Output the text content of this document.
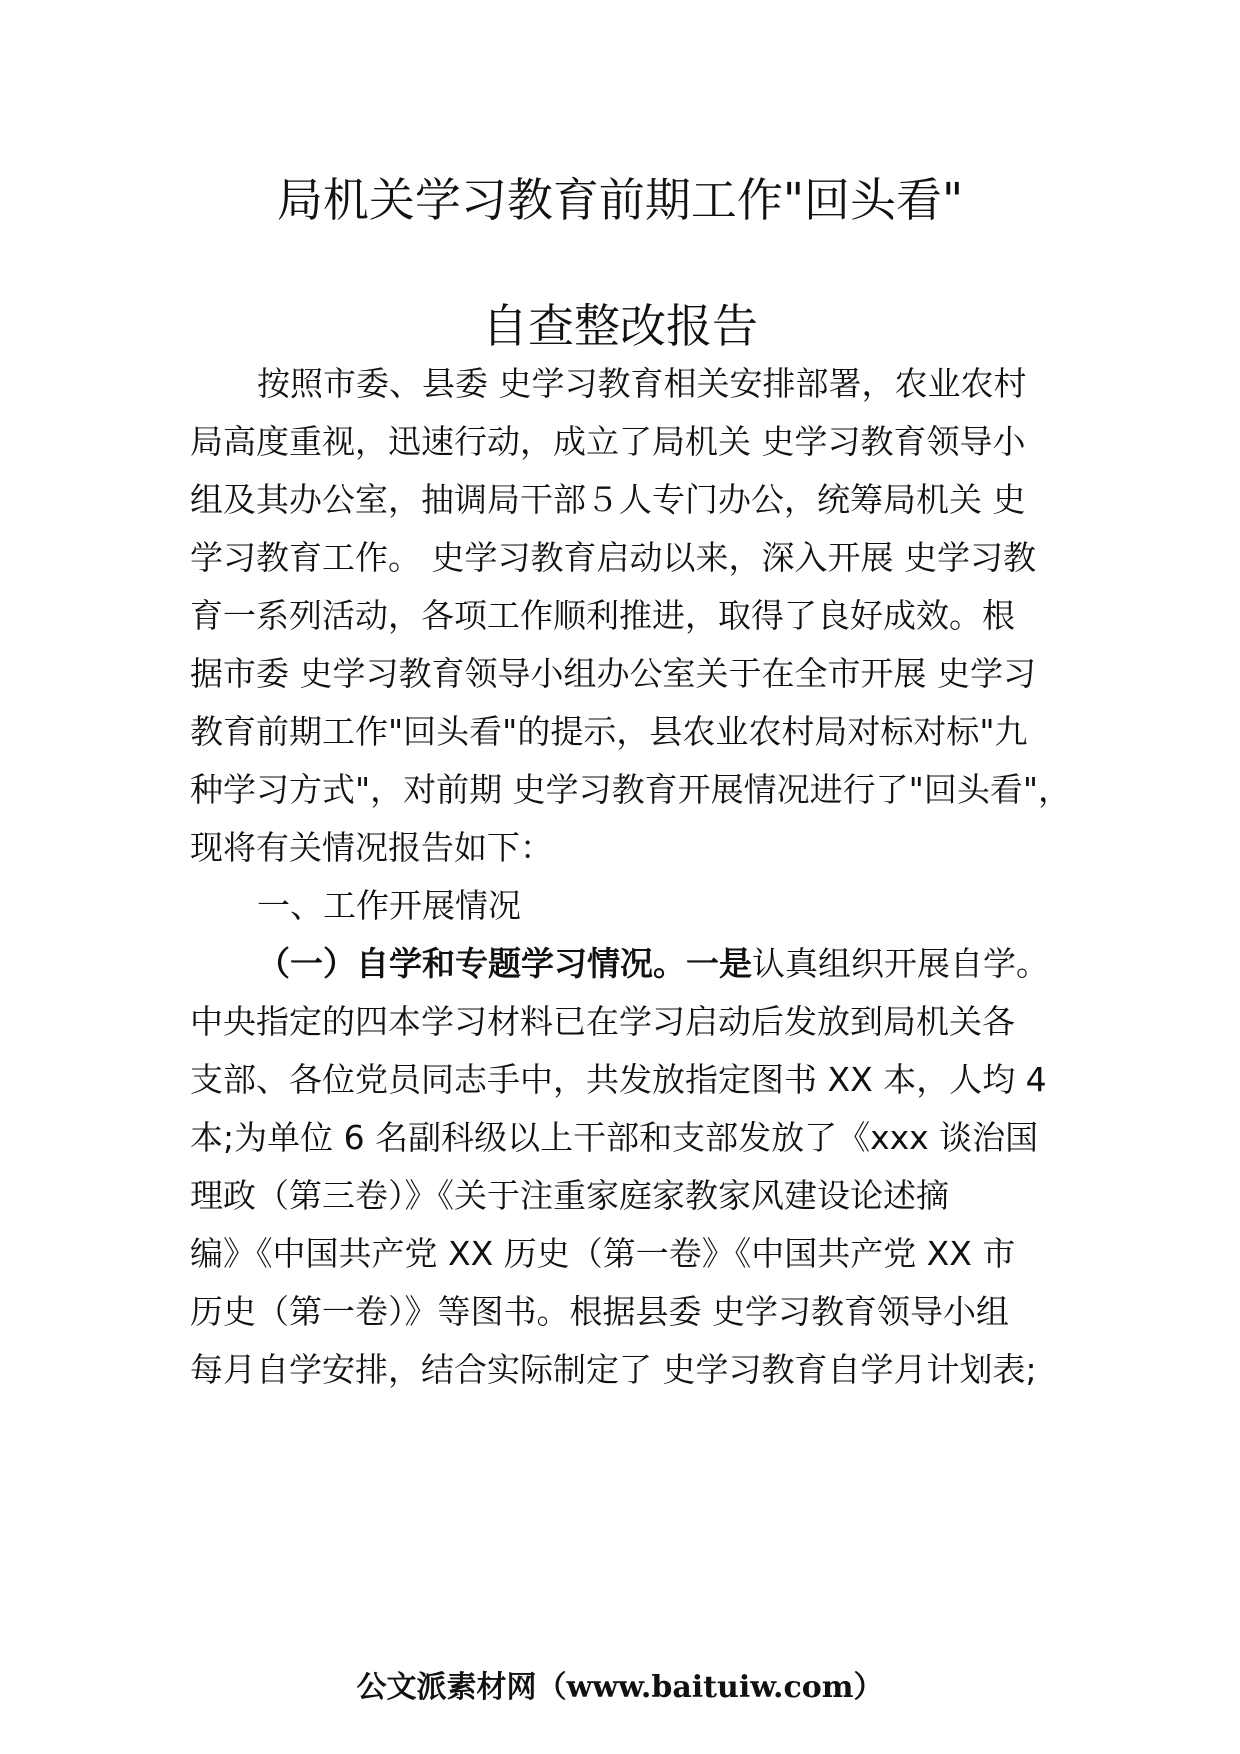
局机关学习教育前期工作"回头看"
自查整改报告
按照市委、县委 史学习教育相关安排部署，农业农村
局高度重视，迅速行动，成立了局机关 史学习教育领导小
组及其办公室，抽调局干部５人专门办公，统筹局机关 史
学习教育工作。 史学习教育启动以来，深入开展 史学习教
育一系列活动，各项工作顺利推进，取得了良好成效。根
据市委 史学习教育领导小组办公室关于在全市开展 史学习
教育前期工作"回头看"的提示，县农业农村局对标对标"九
种学习方式"，对前期 史学习教育开展情况进行了"回头看"，
现将有关情况报告如下：
一、工作开展情况
（一）自学和专题学习情况。一是认真组织开展自学。
中央指定的四本学习材料已在学习启动后发放到局机关各
支部、各位党员同志手中，共发放指定图书 XX 本，人均 4
本;为单位 6 名副科级以上干部和支部发放了《xxx 谈治国
理政（第三卷）》《关于注重家庭家教家风建设论述摘
编》《中国共产党 XX 历史（第一卷》《中国共产党 XX 市
历史（第一卷）》等图书。根据县委 史学习教育领导小组
每月自学安排，结合实际制定了 史学习教育自学月计划表;
公文派素材网（www.baituiw.com）
